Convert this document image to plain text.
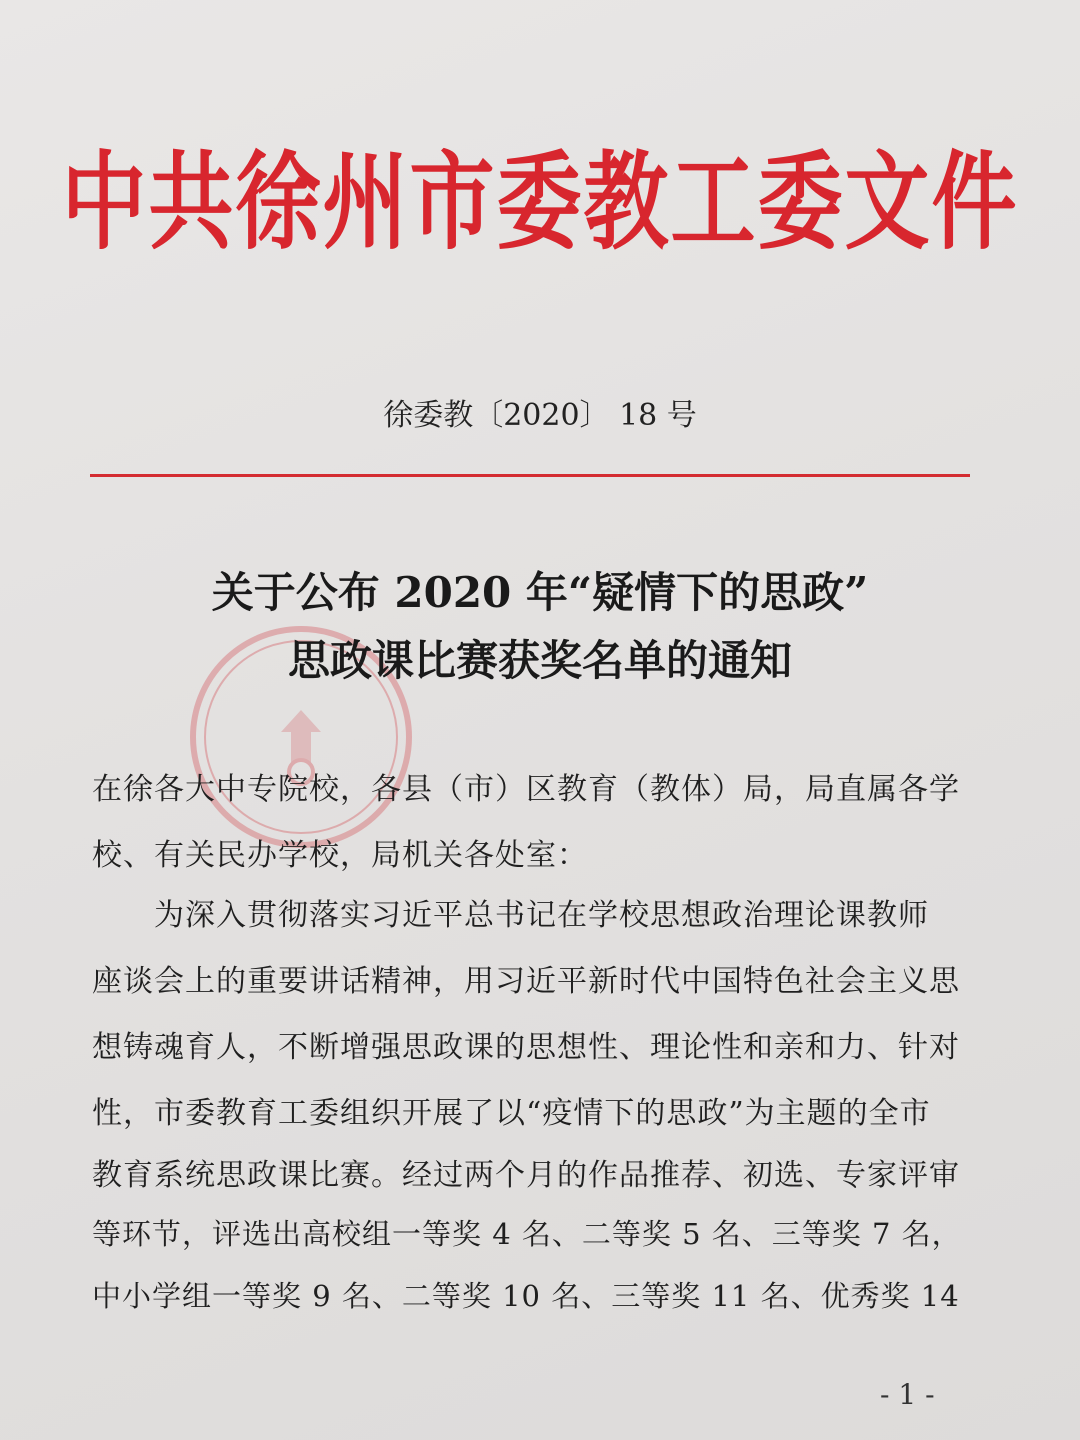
中共徐州市委教工委文件
徐委教〔2020〕 18 号
关于公布 2020 年“疑情下的思政”
思政课比赛获奖名单的通知
在徐各大中专院校，各县（市）区教育（教体）局，局直属各学
校、有关民办学校，局机关各处室：
　　为深入贯彻落实习近平总书记在学校思想政治理论课教师
座谈会上的重要讲话精神，用习近平新时代中国特色社会主义思
想铸魂育人，不断增强思政课的思想性、理论性和亲和力、针对
性，市委教育工委组织开展了以“疫情下的思政”为主题的全市
教育系统思政课比赛。经过两个月的作品推荐、初选、专家评审
等环节，评选出高校组一等奖 4 名、二等奖 5 名、三等奖 7 名，
中小学组一等奖 9 名、二等奖 10 名、三等奖 11 名、优秀奖 14
- 1 -
